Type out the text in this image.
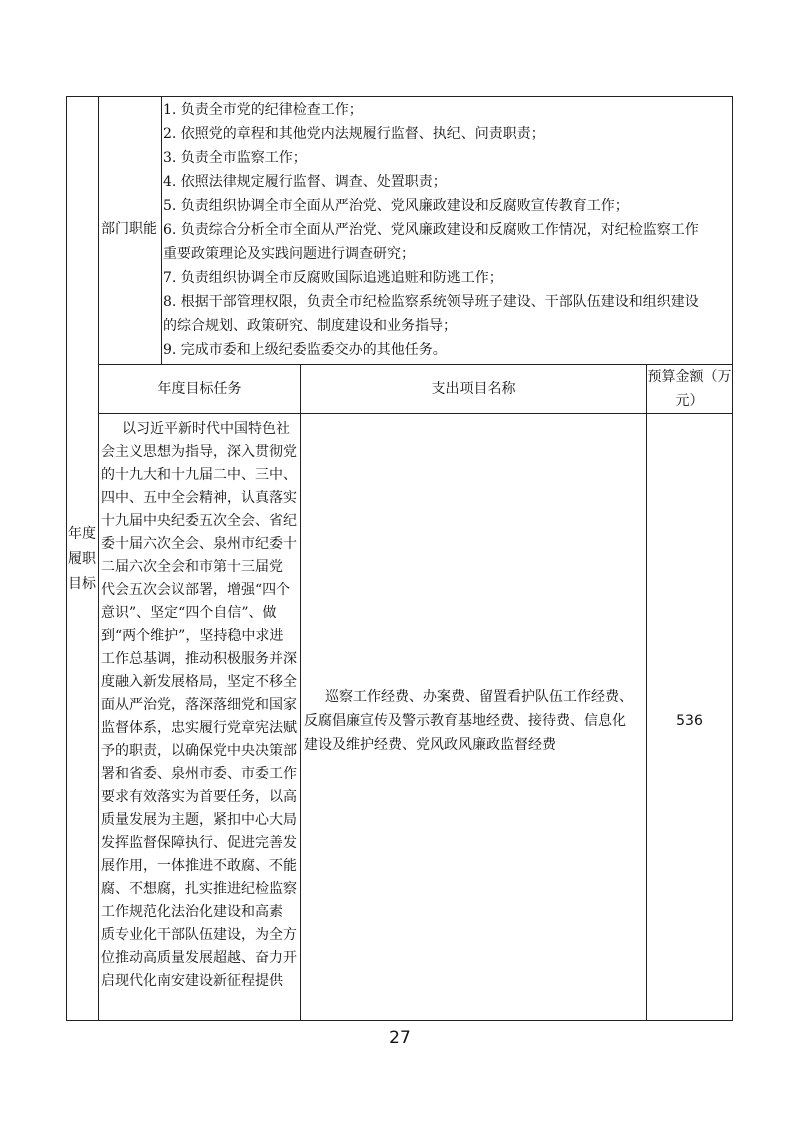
年度
履职
目标
部门职能
1. 负责全市党的纪律检查工作；
2. 依照党的章程和其他党内法规履行监督、执纪、问责职责；
3. 负责全市监察工作；
4. 依照法律规定履行监督、调查、处置职责；
5. 负责组织协调全市全面从严治党、党风廉政建设和反腐败宣传教育工作；
6. 负责综合分析全市全面从严治党、党风廉政建设和反腐败工作情况，对纪检监察工作
重要政策理论及实践问题进行调查研究；
7. 负责组织协调全市反腐败国际追逃追赃和防逃工作；
8. 根据干部管理权限，负责全市纪检监察系统领导班子建设、干部队伍建设和组织建设
的综合规划、政策研究、制度建设和业务指导；
9. 完成市委和上级纪委监委交办的其他任务。
年度目标任务	支出项目名称
预算金额（万
元）
以习近平新时代中国特色社
会主义思想为指导，深入贯彻党
的十九大和十九届二中、三中、
四中、五中全会精神，认真落实
十九届中央纪委五次全会、省纪
委十届六次全会、泉州市纪委十
二届六次全会和市第十三届党
代会五次会议部署，增强“四个
意识”、坚定“四个自信”、做
到“两个维护”，坚持稳中求进
工作总基调，推动积极服务并深
度融入新发展格局，坚定不移全
面从严治党，落深落细党和国家
监督体系，忠实履行党章宪法赋
予的职责，以确保党中央决策部
署和省委、泉州市委、市委工作
要求有效落实为首要任务，以高
质量发展为主题，紧扣中心大局
发挥监督保障执行、促进完善发
展作用，一体推进不敢腐、不能
腐、不想腐，扎实推进纪检监察
工作规范化法治化建设和高素
质专业化干部队伍建设，为全方
位推动高质量发展超越、奋力开
启现代化南安建设新征程提供
巡察工作经费、办案费、留置看护队伍工作经费、
反腐倡廉宣传及警示教育基地经费、接待费、信息化
建设及维护经费、党风政风廉政监督经费
536
27
